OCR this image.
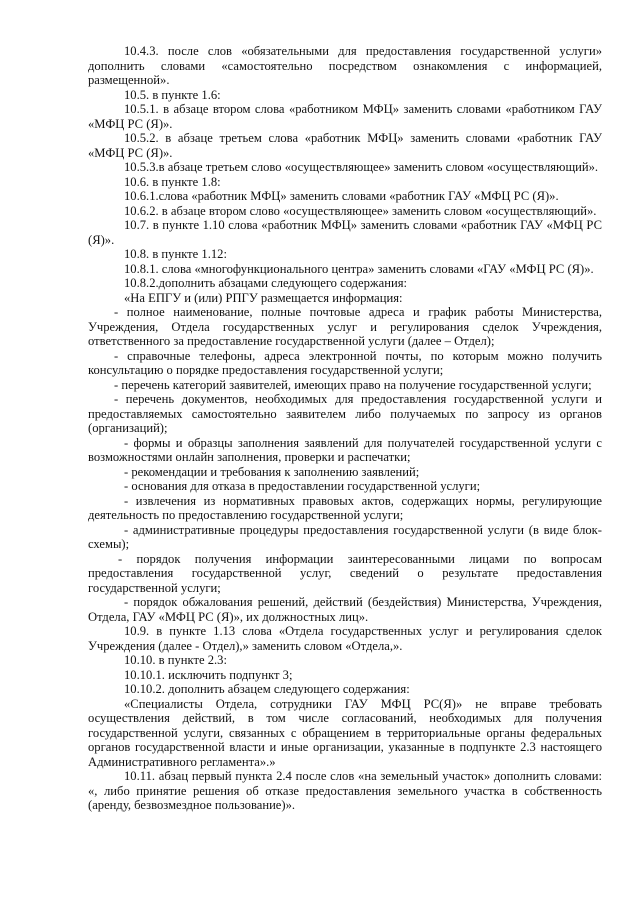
10.4.3. после слов «обязательными для предоставления государственной услуги» дополнить словами «самостоятельно посредством ознакомления с информацией, размещенной».

10.5. в пункте 1.6:

10.5.1. в абзаце втором слова «работником МФЦ» заменить словами «работником ГАУ «МФЦ РС (Я)».

10.5.2. в абзаце третьем слова «работник МФЦ» заменить словами «работник ГАУ «МФЦ РС (Я)».

10.5.3.в абзаце третьем слово «осуществляющее» заменить словом «осуществляющий».

10.6. в пункте 1.8:

10.6.1.слова «работник МФЦ» заменить словами «работник ГАУ «МФЦ РС (Я)».

10.6.2. в абзаце втором слово «осуществляющее» заменить словом «осуществляющий».

10.7. в пункте 1.10 слова «работник МФЦ» заменить словами «работник ГАУ «МФЦ РС (Я)».

10.8. в пункте 1.12:

10.8.1. слова «многофункционального центра» заменить словами «ГАУ «МФЦ РС (Я)».

10.8.2.дополнить абзацами следующего содержания:

«На ЕПГУ и (или) РПГУ размещается информация:

- полное наименование, полные почтовые адреса и график работы Министерства, Учреждения, Отдела государственных услуг и регулирования сделок Учреждения, ответственного за предоставление государственной услуги (далее – Отдел);

- справочные телефоны, адреса электронной почты, по которым можно получить консультацию о порядке предоставления государственной услуги;

- перечень категорий заявителей, имеющих право на получение государственной услуги;

- перечень документов, необходимых для предоставления государственной услуги и предоставляемых самостоятельно заявителем либо получаемых по запросу из органов (организаций);

- формы и образцы заполнения заявлений для получателей государственной услуги с возможностями онлайн заполнения, проверки и распечатки;

- рекомендации и требования к заполнению заявлений;

- основания для отказа в предоставлении государственной услуги;

- извлечения из нормативных правовых актов, содержащих нормы, регулирующие деятельность по предоставлению государственной услуги;

- административные процедуры предоставления государственной услуги (в виде блок-схемы);

- порядок получения информации заинтересованными лицами по вопросам предоставления государственной услуг, сведений о результате предоставления государственной услуги;

- порядок обжалования решений, действий (бездействия) Министерства, Учреждения, Отдела, ГАУ «МФЦ РС (Я)», их должностных лиц».

10.9. в пункте 1.13 слова «Отдела государственных услуг и регулирования сделок Учреждения (далее - Отдел),» заменить словом «Отдела,».

10.10. в пункте 2.3:

10.10.1. исключить подпункт 3;

10.10.2. дополнить абзацем следующего содержания:

«Специалисты Отдела, сотрудники ГАУ МФЦ РС(Я)» не вправе требовать осуществления действий, в том числе согласований, необходимых для получения государственной услуги, связанных с обращением в территориальные органы федеральных органов государственной власти и иные организации, указанные в подпункте 2.3 настоящего Административного регламента».»

10.11. абзац первый пункта 2.4 после слов «на земельный участок» дополнить словами: «, либо принятие решения об отказе предоставления земельного участка в собственность (аренду, безвозмездное пользование)».
